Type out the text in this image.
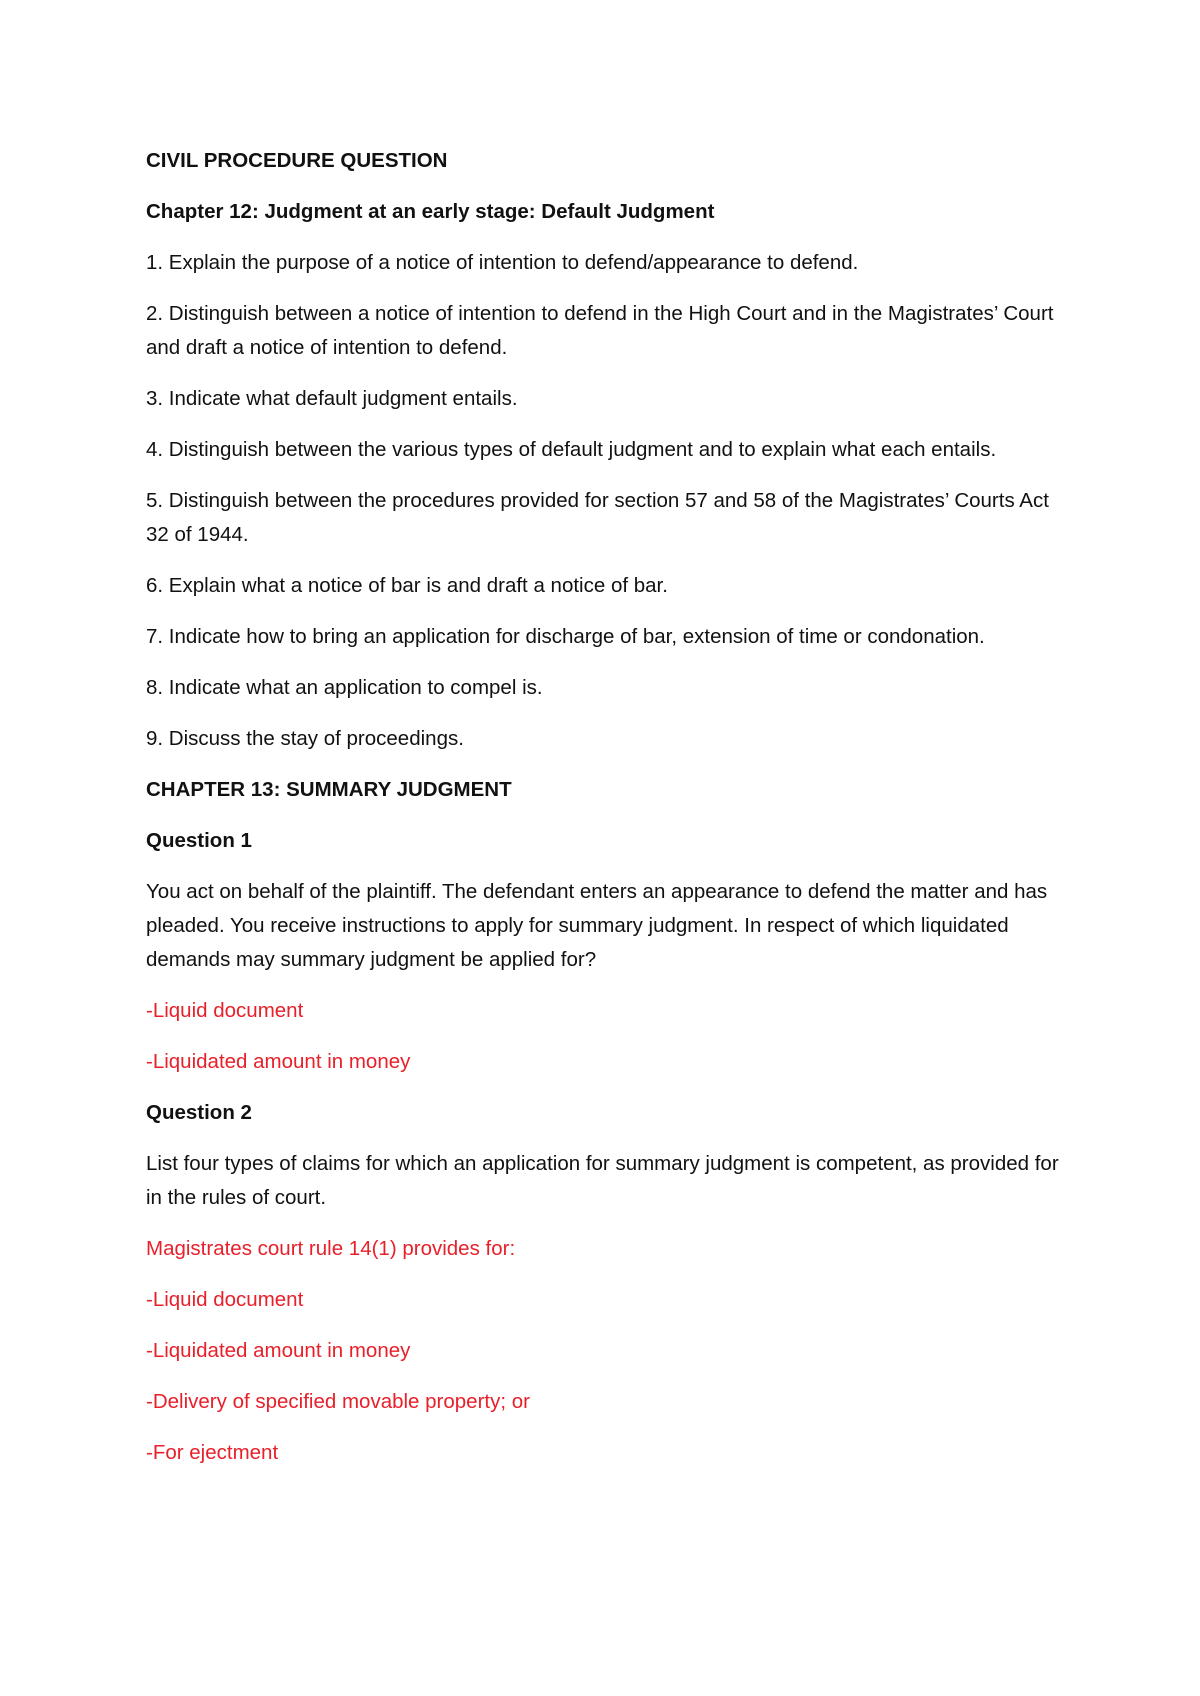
CIVIL PROCEDURE QUESTION

Chapter 12: Judgment at an early stage: Default Judgment

1. Explain the purpose of a notice of intention to defend/appearance to defend.

2. Distinguish between a notice of intention to defend in the High Court and in the Magistrates’ Court and draft a notice of intention to defend.

3. Indicate what default judgment entails.

4. Distinguish between the various types of default judgment and to explain what each entails.

5. Distinguish between the procedures provided for section 57 and 58 of the Magistrates’ Courts Act 32 of 1944.

6. Explain what a notice of bar is and draft a notice of bar.

7. Indicate how to bring an application for discharge of bar, extension of time or condonation.

8. Indicate what an application to compel is.

9. Discuss the stay of proceedings.

CHAPTER 13: SUMMARY JUDGMENT

Question 1

You act on behalf of the plaintiff. The defendant enters an appearance to defend the matter and has pleaded. You receive instructions to apply for summary judgment. In respect of which liquidated demands may summary judgment be applied for?

-Liquid document

-Liquidated amount in money

Question 2

List four types of claims for which an application for summary judgment is competent, as provided for in the rules of court.

Magistrates court rule 14(1) provides for:

-Liquid document

-Liquidated amount in money

-Delivery of specified movable property; or

-For ejectment
